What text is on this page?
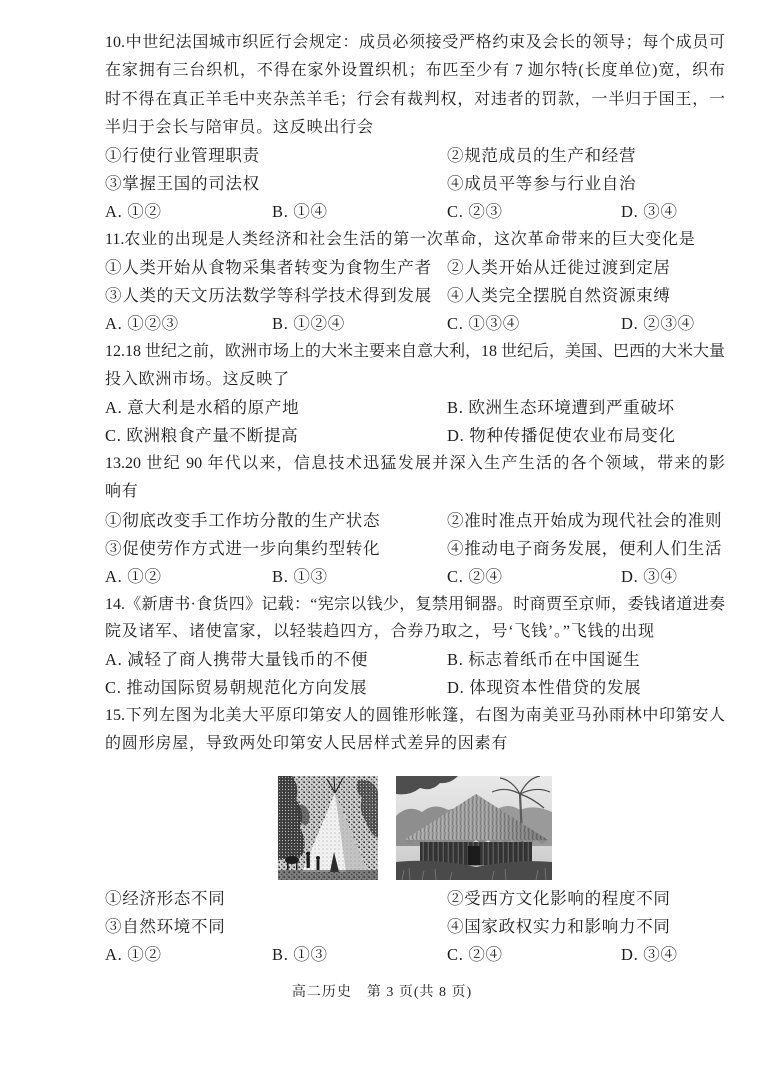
10.中世纪法国城市织匠行会规定：成员必须接受严格约束及会长的领导；每个成员可
在家拥有三台织机，不得在家外设置织机；布匹至少有 7 迦尔特(长度单位)宽，织布
时不得在真正羊毛中夹杂羔羊毛；行会有裁判权，对违者的罚款，一半归于国王，一
半归于会长与陪审员。这反映出行会
①行使行业管理职责	②规范成员的生产和经营
③掌握王国的司法权	④成员平等参与行业自治
A. ①②	B. ①④	C. ②③	D. ③④
11.农业的出现是人类经济和社会生活的第一次革命，这次革命带来的巨大变化是
①人类开始从食物采集者转变为食物生产者 ②人类开始从迁徙过渡到定居
③人类的天文历法数学等科学技术得到发展 ④人类完全摆脱自然资源束缚
A. ①②③	B. ①②④	C. ①③④	D. ②③④
12.18 世纪之前，欧洲市场上的大米主要来自意大利，18 世纪后，美国、巴西的大米大量
投入欧洲市场。这反映了
A. 意大利是水稻的原产地	B. 欧洲生态环境遭到严重破坏
C. 欧洲粮食产量不断提高	D. 物种传播促使农业布局变化
13.20 世纪 90 年代以来，信息技术迅猛发展并深入生产生活的各个领域，带来的影
响有
①彻底改变手工作坊分散的生产状态	②准时准点开始成为现代社会的准则
③促使劳作方式进一步向集约型转化	④推动电子商务发展，便利人们生活
A. ①②	B. ①③	C. ②④	D. ③④
14.《新唐书·食货四》记载：“宪宗以钱少，复禁用铜器。时商贾至京师，委钱诸道进奏
院及诸军、诸使富家，以轻装趋四方，合券乃取之，号‘飞钱’。”飞钱的出现
A. 减轻了商人携带大量钱币的不便	B. 标志着纸币在中国诞生
C. 推动国际贸易朝规范化方向发展	D. 体现资本性借贷的发展
15.下列左图为北美大平原印第安人的圆锥形帐篷，右图为南美亚马孙雨林中印第安人
的圆形房屋，导致两处印第安人民居样式差异的因素有
①经济形态不同	②受西方文化影响的程度不同
③自然环境不同	④国家政权实力和影响力不同
A. ①②	B. ①③	C. ②④	D. ③④
高二历史　第 3 页(共 8 页)
